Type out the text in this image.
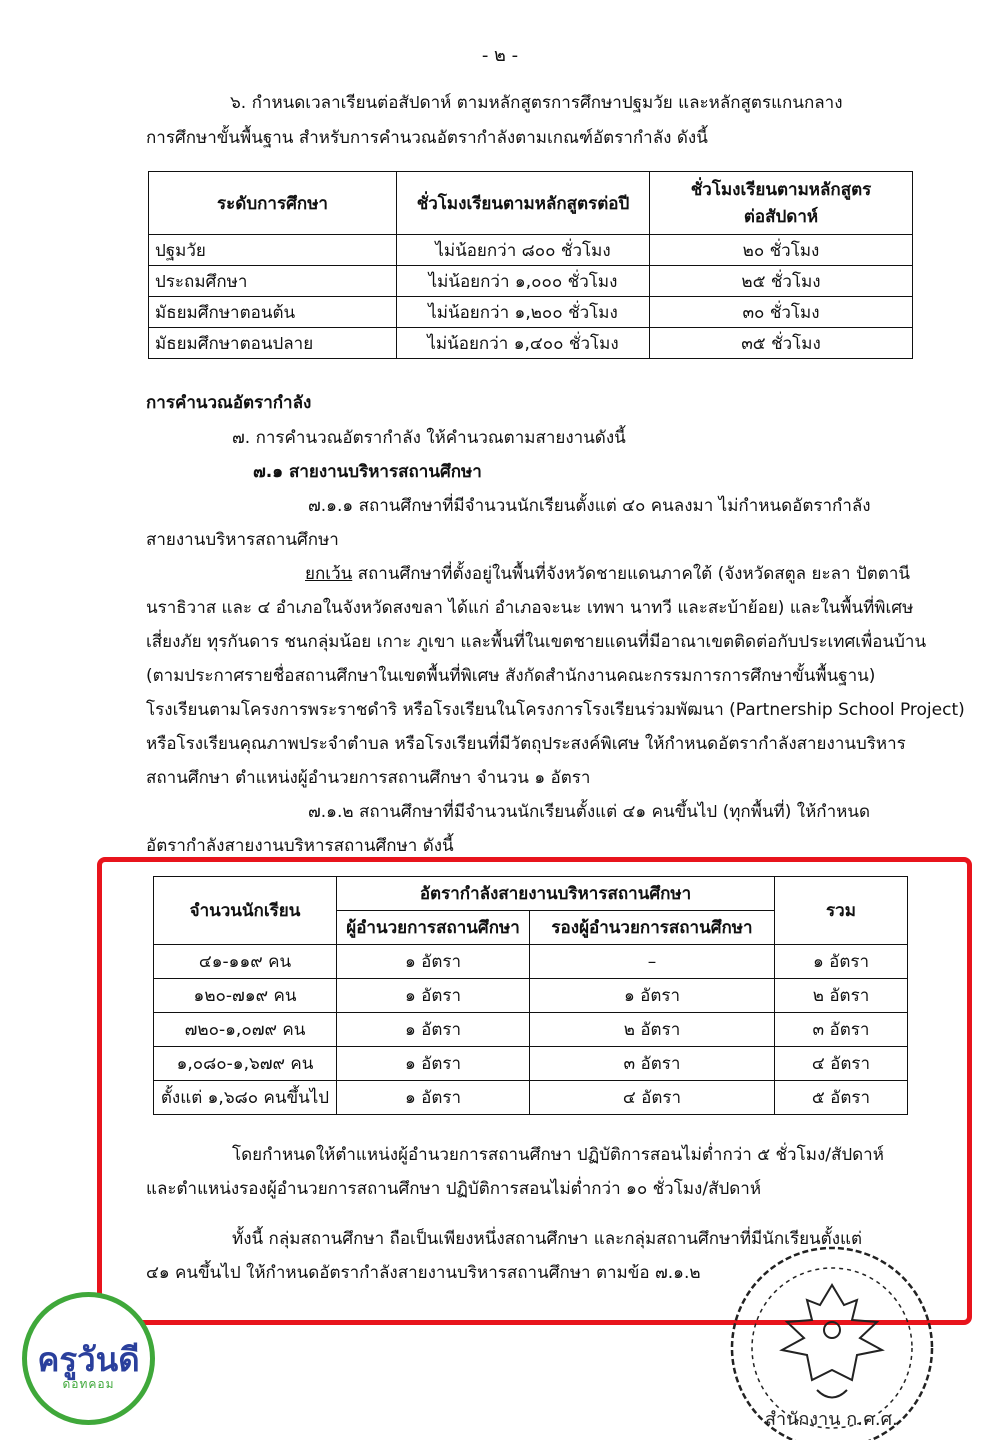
- ๒ -
๖. กำหนดเวลาเรียนต่อสัปดาห์ ตามหลักสูตรการศึกษาปฐมวัย และหลักสูตรแกนกลาง
การศึกษาขั้นพื้นฐาน สำหรับการคำนวณอัตรากำลังตามเกณฑ์อัตรากำลัง ดังนี้
ระดับการศึกษา	ชั่วโมงเรียนตามหลักสูตรต่อปี	ชั่วโมงเรียนตามหลักสูตร
ต่อสัปดาห์

ปฐมวัย	ไม่น้อยกว่า ๘๐๐ ชั่วโมง	๒๐ ชั่วโมง
ประถมศึกษา	ไม่น้อยกว่า ๑,๐๐๐ ชั่วโมง	๒๕ ชั่วโมง
มัธยมศึกษาตอนต้น	ไม่น้อยกว่า ๑,๒๐๐ ชั่วโมง	๓๐ ชั่วโมง
มัธยมศึกษาตอนปลาย	ไม่น้อยกว่า ๑,๔๐๐ ชั่วโมง	๓๕ ชั่วโมง
การคำนวณอัตรากำลัง
๗. การคำนวณอัตรากำลัง ให้คำนวณตามสายงานดังนี้
๗.๑ สายงานบริหารสถานศึกษา
๗.๑.๑ สถานศึกษาที่มีจำนวนนักเรียนตั้งแต่ ๔๐ คนลงมา ไม่กำหนดอัตรากำลัง
สายงานบริหารสถานศึกษา
ยกเว้น สถานศึกษาที่ตั้งอยู่ในพื้นที่จังหวัดชายแดนภาคใต้ (จังหวัดสตูล ยะลา ปัตตานี
นราธิวาส และ ๔ อำเภอในจังหวัดสงขลา ได้แก่ อำเภอจะนะ เทพา นาทวี และสะบ้าย้อย) และในพื้นที่พิเศษ
เสี่ยงภัย ทุรกันดาร ชนกลุ่มน้อย เกาะ ภูเขา และพื้นที่ในเขตชายแดนที่มีอาณาเขตติดต่อกับประเทศเพื่อนบ้าน
(ตามประกาศรายชื่อสถานศึกษาในเขตพื้นที่พิเศษ สังกัดสำนักงานคณะกรรมการการศึกษาขั้นพื้นฐาน)
โรงเรียนตามโครงการพระราชดำริ หรือโรงเรียนในโครงการโรงเรียนร่วมพัฒนา (Partnership School Project)
หรือโรงเรียนคุณภาพประจำตำบล หรือโรงเรียนที่มีวัตถุประสงค์พิเศษ ให้กำหนดอัตรากำลังสายงานบริหาร
สถานศึกษา ตำแหน่งผู้อำนวยการสถานศึกษา จำนวน ๑ อัตรา
๗.๑.๒ สถานศึกษาที่มีจำนวนนักเรียนตั้งแต่ ๔๑ คนขึ้นไป (ทุกพื้นที่) ให้กำหนด
อัตรากำลังสายงานบริหารสถานศึกษา ดังนี้
จำนวนนักเรียน	อัตรากำลังสายงานบริหารสถานศึกษา		รวม
	ผู้อำนวยการสถานศึกษา	รองผู้อำนวยการสถานศึกษา	
๔๑-๑๑๙ คน	๑ อัตรา	–	๑ อัตรา
๑๒๐-๗๑๙ คน	๑ อัตรา	๑ อัตรา	๒ อัตรา
๗๒๐-๑,๐๗๙ คน	๑ อัตรา	๒ อัตรา	๓ อัตรา
๑,๐๘๐-๑,๖๗๙ คน	๑ อัตรา	๓ อัตรา	๔ อัตรา
ตั้งแต่ ๑,๖๘๐ คนขึ้นไป	๑ อัตรา	๔ อัตรา	๕ อัตรา
โดยกำหนดให้ตำแหน่งผู้อำนวยการสถานศึกษา ปฏิบัติการสอนไม่ต่ำกว่า ๕ ชั่วโมง/สัปดาห์
และตำแหน่งรองผู้อำนวยการสถานศึกษา ปฏิบัติการสอนไม่ต่ำกว่า ๑๐ ชั่วโมง/สัปดาห์
ทั้งนี้ กลุ่มสถานศึกษา ถือเป็นเพียงหนึ่งสถานศึกษา และกลุ่มสถานศึกษาที่มีนักเรียนตั้งแต่
๔๑ คนขึ้นไป ให้กำหนดอัตรากำลังสายงานบริหารสถานศึกษา ตามข้อ ๗.๑.๒
สำนักงาน ก.ค.ศ.
ครูวันดี
ดอทคอม
